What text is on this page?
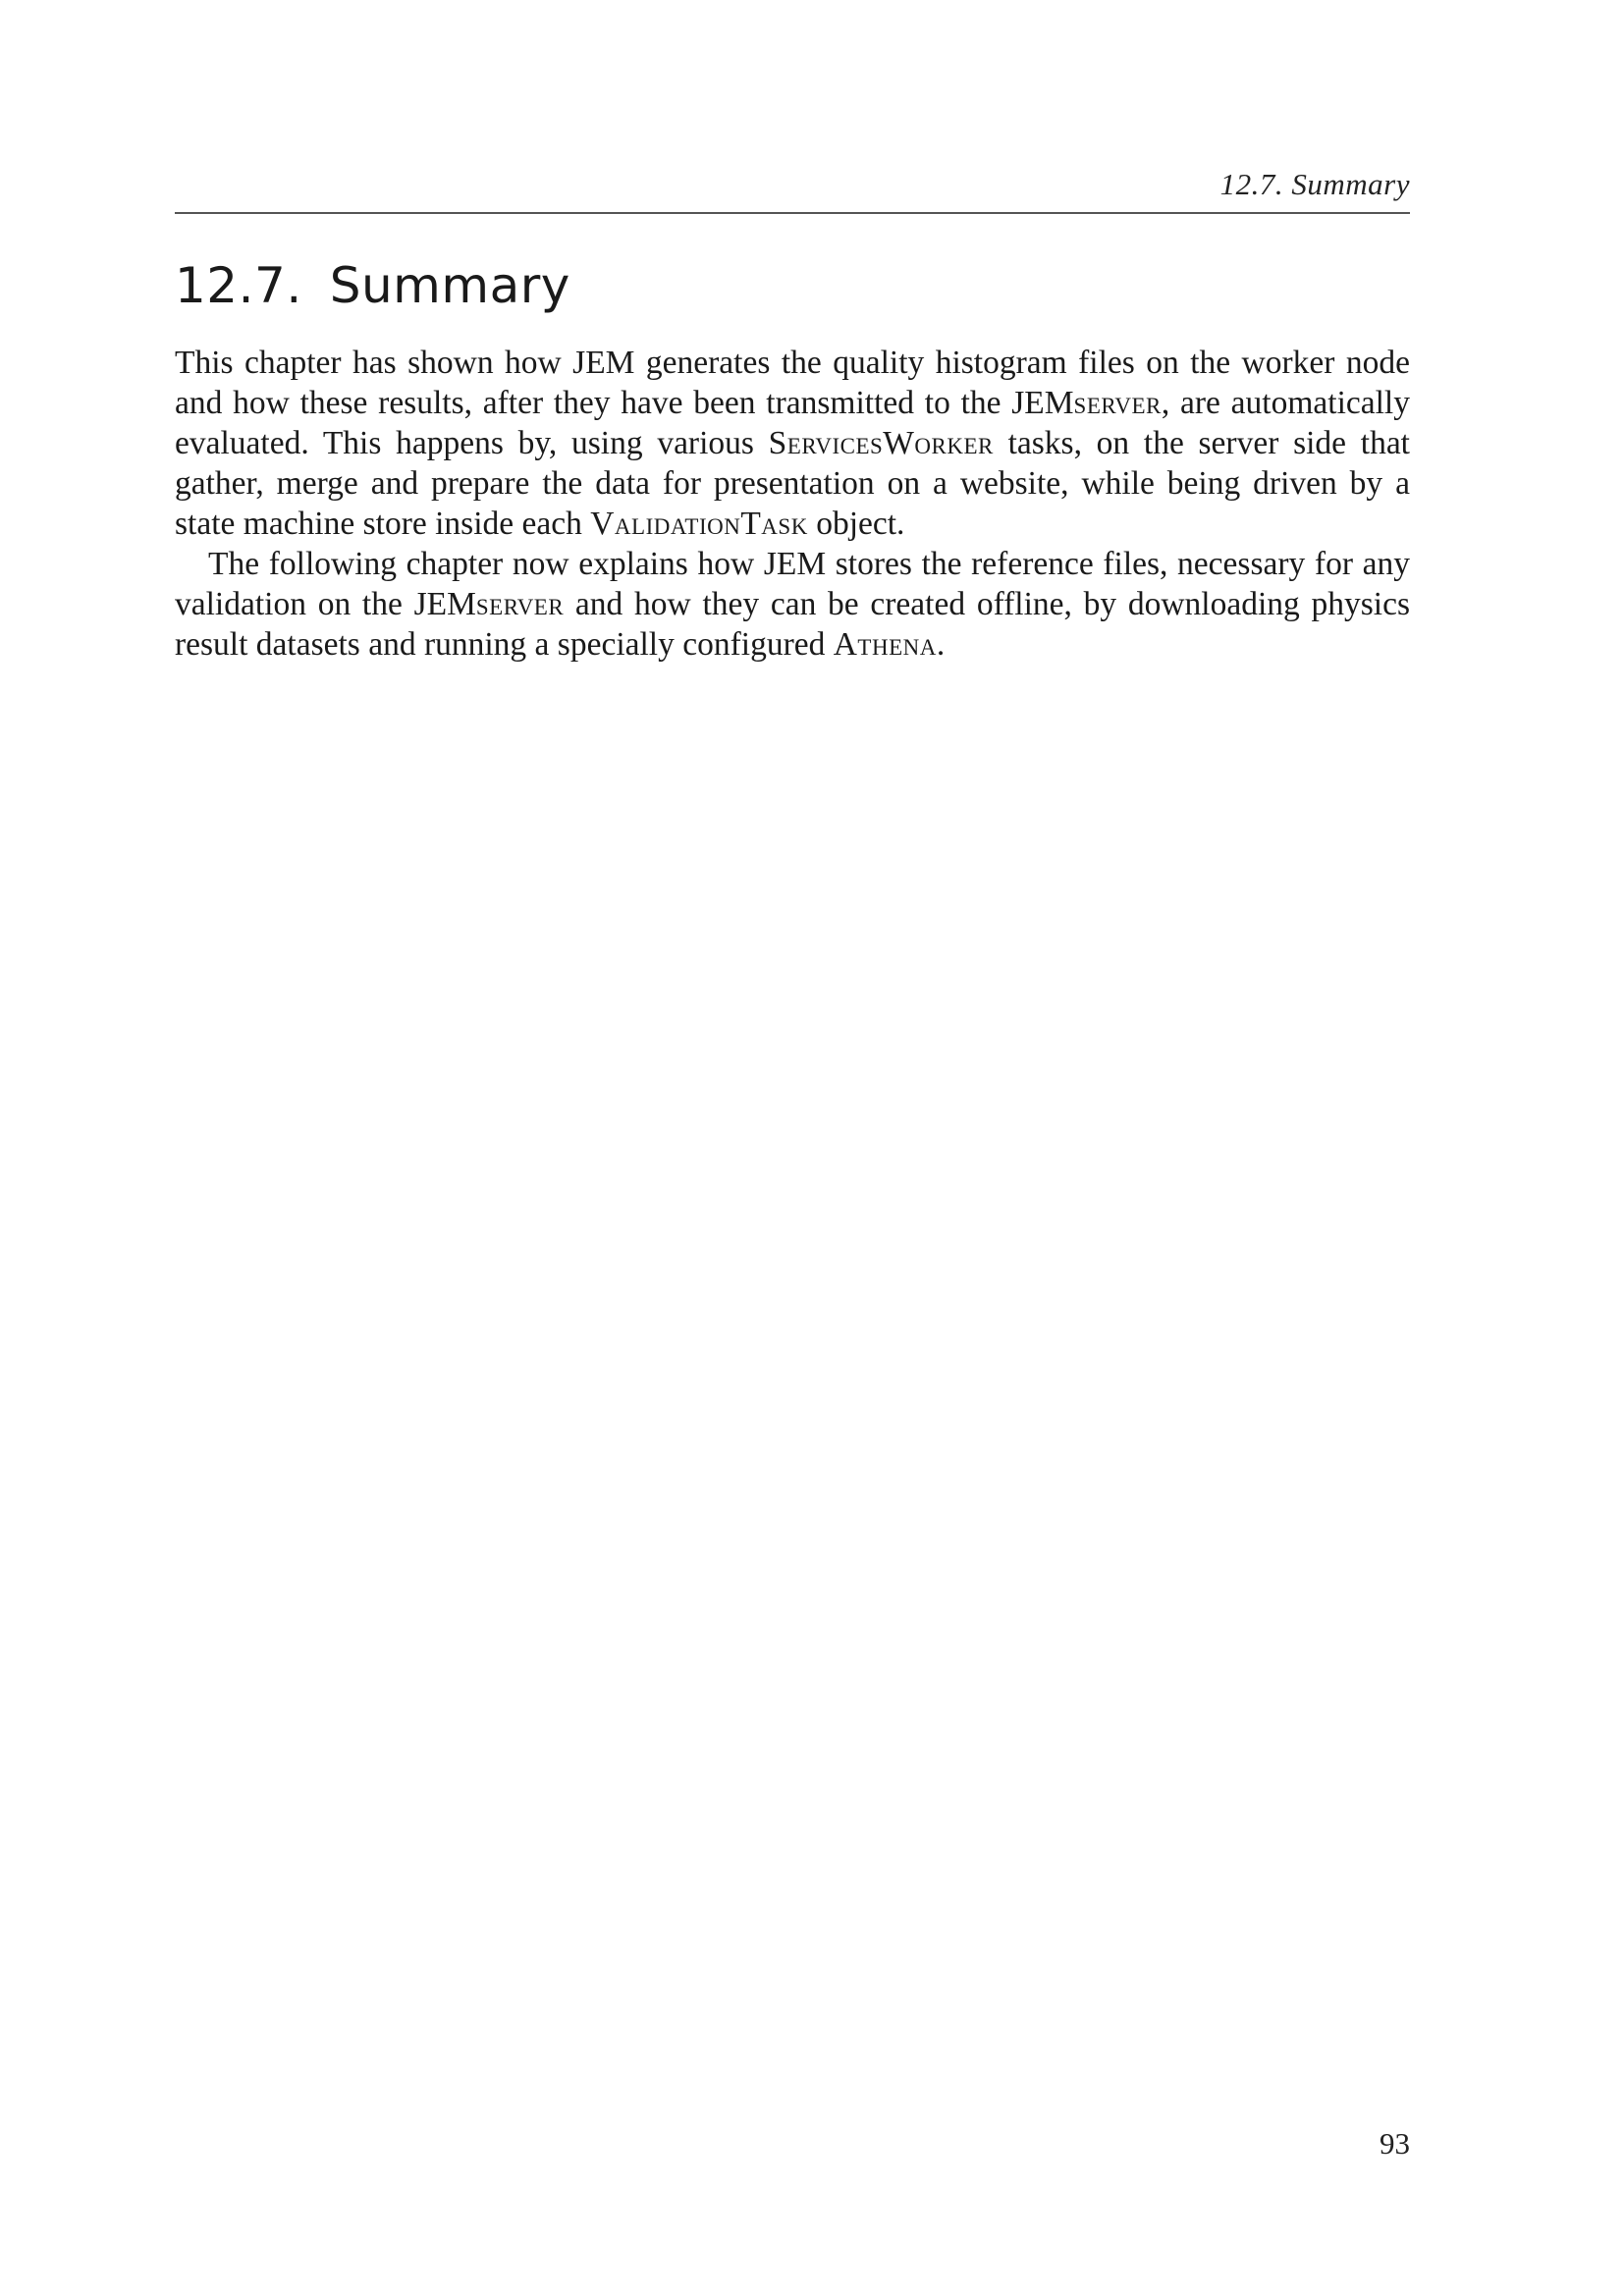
12.7. Summary
12.7. Summary

This chapter has shown how JEM generates the quality histogram files on the worker node and how these results, after they have been transmitted to the JEMserver, are automatically evaluated. This happens by, using various ServicesWorker tasks, on the server side that gather, merge and prepare the data for presentation on a website, while being driven by a state machine store inside each ValidationTask object.

The following chapter now explains how JEM stores the reference files, necessary for any validation on the JEMserver and how they can be created offline, by downloading physics result datasets and running a specially configured Athena.

93
